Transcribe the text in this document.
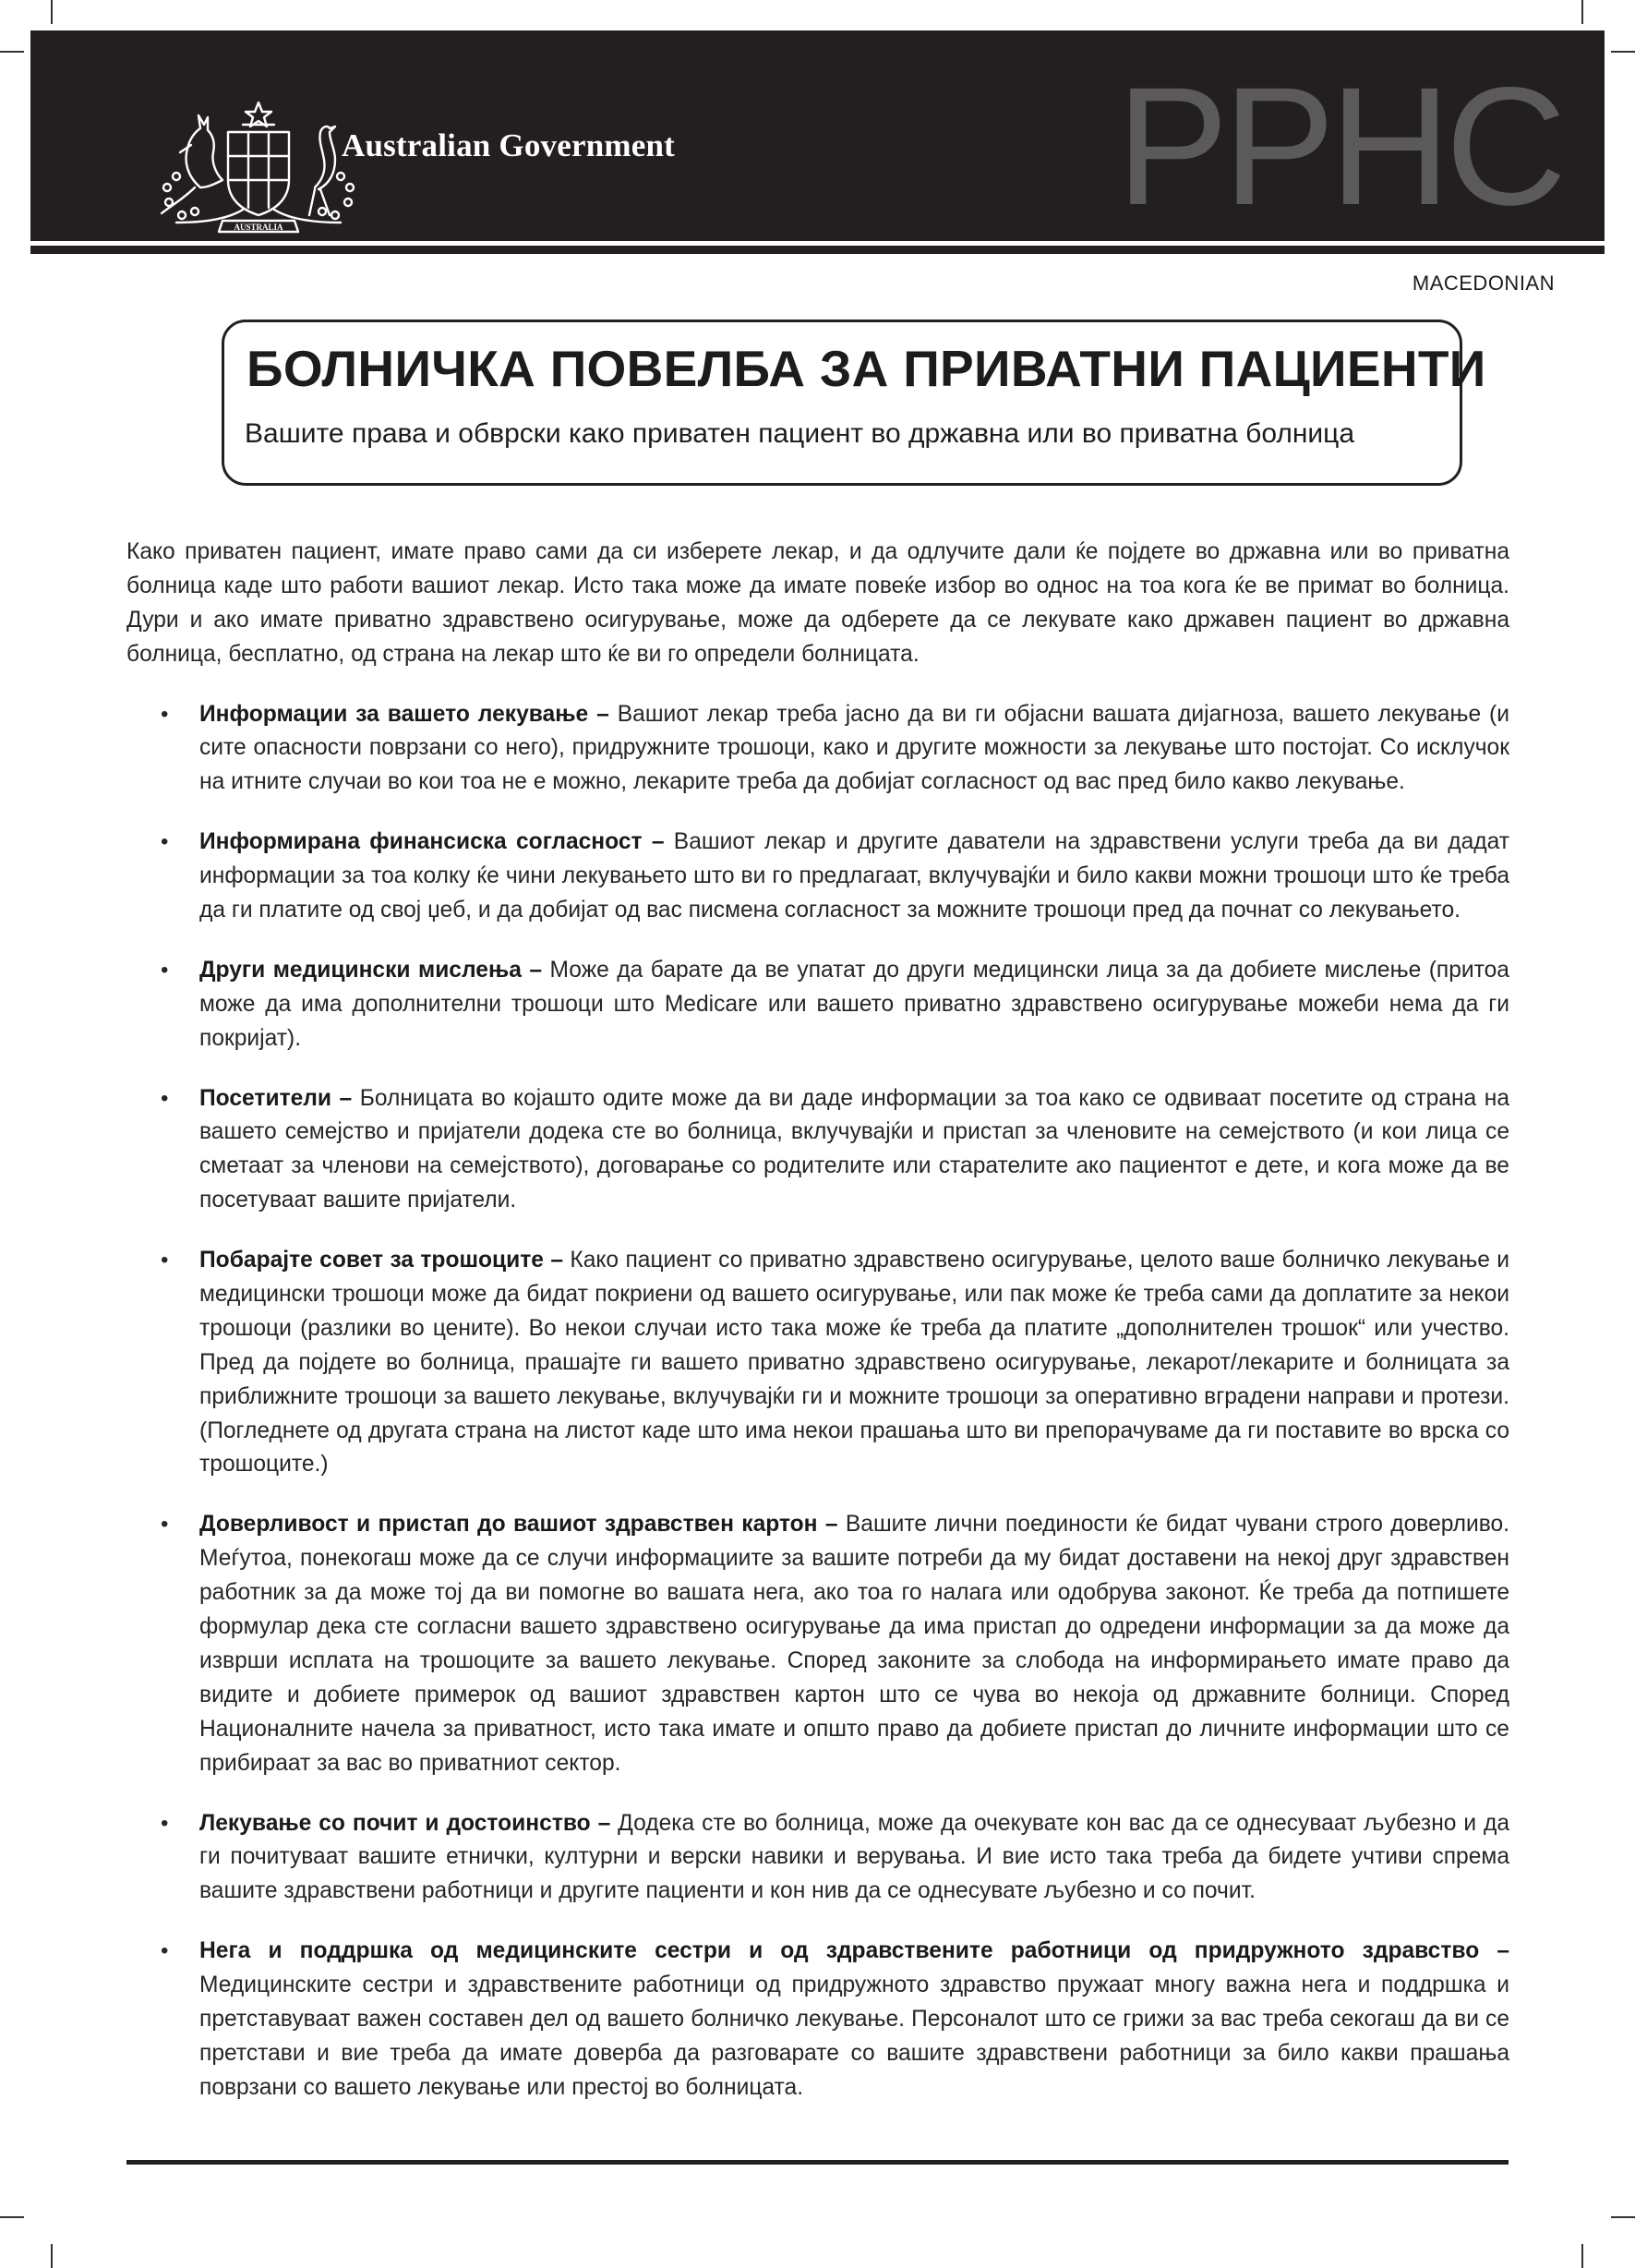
AUSTRALIA
Australian Government	PPHC
MACEDONIAN
БОЛНИЧКА ПОВЕЛБА ЗА ПРИВАТНИ ПАЦИЕНТИ
Вашите права и обврски како приватен пациент во државна или во приватна болница

Како приватен пациент, имате право сами да си изберете лекар, и да одлучите дали ќе појдете во државна или во приватна болница каде што работи вашиот лекар. Исто така може да имате повеќе избор во однос на тоа кога ќе ве примат во болница. Дури и ако имате приватно здравствено осигурување, може да одберете да се лекувате како државен пациент во државна болница, бесплатно, од страна на лекар што ќе ви го определи болницата.

• Информации за вашето лекување – Вашиот лекар треба јасно да ви ги објасни вашата дијагноза, вашето лекување (и сите опасности поврзани со него), придружните трошоци, како и другите можности за лекување што постојат. Со исклучок на итните случаи во кои тоа не е можно, лекарите треба да добијат согласност од вас пред било какво лекување.
• Информирана финансиска согласност – Вашиот лекар и другите даватели на здравствени услуги треба да ви дадат информации за тоа колку ќе чини лекувањето што ви го предлагаат, вклучувајќи и било какви можни трошоци што ќе треба да ги платите од свој џеб, и да добијат од вас писмена согласност за можните трошоци пред да почнат со лекувањето.
• Други медицински мислења – Може да барате да ве упатат до други медицински лица за да добиете мислење (притоа може да има дополнителни трошоци што Medicare или вашето приватно здравствено осигурување можеби нема да ги покријат).
• Посетители – Болницата во којашто одите може да ви даде информации за тоа како се одвиваат посетите од страна на вашето семејство и пријатели додека сте во болница, вклучувајќи и пристап за членовите на семејството (и кои лица се сметаат за членови на семејството), договарање со родителите или старателите ако пациентот е дете, и кога може да ве посетуваат вашите пријатели.
• Побарајте совет за трошоците – Како пациент со приватно здравствено осигурување, целото ваше болничко лекување и медицински трошоци може да бидат покриени од вашето осигурување, или пак може ќе треба сами да доплатите за некои трошоци (разлики во цените). Во некои случаи исто така може ќе треба да платите „дополнителен трошок“ или учество. Пред да појдете во болница, прашајте ги вашето приватно здравствено осигурување, лекарот/лекарите и болницата за приближните трошоци за вашето лекување, вклучувајќи ги и можните трошоци за оперативно вградени направи и протези. (Погледнете од другата страна на листот каде што има некои прашања што ви препорачуваме да ги поставите во врска со трошоците.)
• Доверливост и пристап до вашиот здравствен картон – Вашите лични поединости ќе бидат чувани строго доверливо. Меѓутоа, понекогаш може да се случи информациите за вашите потреби да му бидат доставени на некој друг здравствен работник за да може тој да ви помогне во вашата нега, ако тоа го налага или одобрува законот. Ќе треба да потпишете формулар дека сте согласни вашето здравствено осигурување да има пристап до одредени информации за да може да изврши исплата на трошоците за вашето лекување. Според законите за слобода на информирањето имате право да видите и добиете примерок од вашиот здравствен картон што се чува во некоја од државните болници. Според Националните начела за приватност, исто така имате и општо право да добиете пристап до личните информации што се прибираат за вас во приватниот сектор.
• Лекување со почит и достоинство – Додека сте во болница, може да очекувате кон вас да се однесуваат љубезно и да ги почитуваат вашите етнички, културни и верски навики и верувања. И вие исто така треба да бидете учтиви спрема вашите здравствени работници и другите пациенти и кон нив да се однесувате љубезно и со почит.
• Нега и поддршка од медицинските сестри и од здравствените работници од придружното здравство – Медицинските сестри и здравствените работници од придружното здравство пружаат многу важна нега и поддршка и претставуваат важен составен дел од вашето болничко лекување. Персоналот што се грижи за вас треба секогаш да ви се претстави и вие треба да имате доверба да разговарате со вашите здравствени работници за било какви прашања поврзани со вашето лекување или престој во болницата.
